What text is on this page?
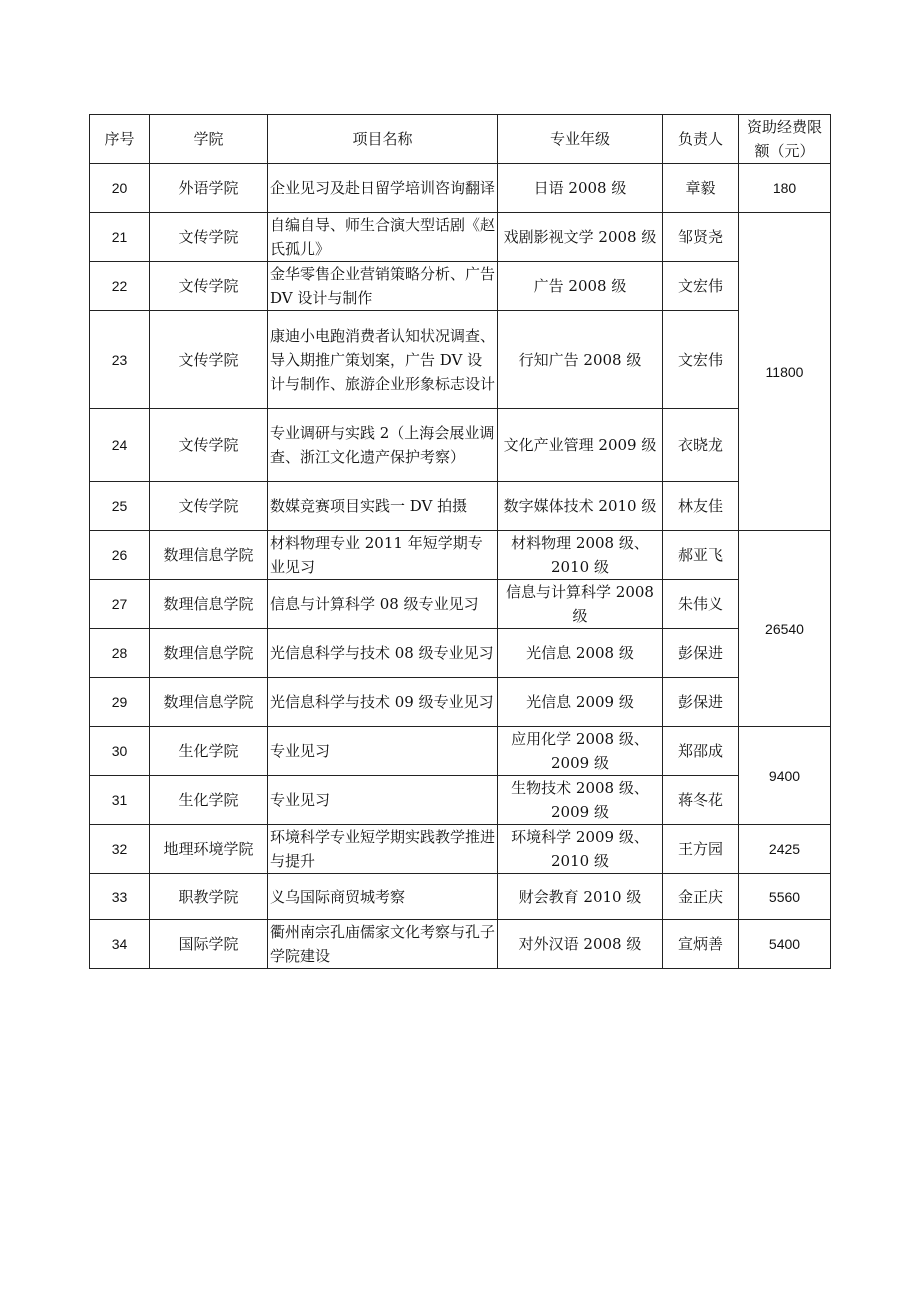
序号	学院	项目名称	专业年级	负责人	资助经费限额（元）
20	外语学院	企业见习及赴日留学培训咨询翻译	日语 2008 级	章毅	180
21	文传学院	自编自导、师生合演大型话剧《赵氏孤儿》	戏剧影视文学 2008 级	邹贤尧	11800
22	文传学院	金华零售企业营销策略分析、广告 DV 设计与制作	广告 2008 级	文宏伟	
23	文传学院	康迪小电跑消费者认知状况调查、导入期推广策划案，广告 DV 设计与制作、旅游企业形象标志设计	行知广告 2008 级	文宏伟	
24	文传学院	专业调研与实践 2（上海会展业调查、浙江文化遗产保护考察）	文化产业管理 2009 级	衣晓龙	
25	文传学院	数媒竞赛项目实践一 DV 拍摄	数字媒体技术 2010 级	林友佳	
26	数理信息学院	材料物理专业 2011 年短学期专业见习	材料物理 2008 级、2010 级	郝亚飞	26540
27	数理信息学院	信息与计算科学 08 级专业见习	信息与计算科学 2008 级	朱伟义	
28	数理信息学院	光信息科学与技术 08 级专业见习	光信息 2008 级	彭保进	
29	数理信息学院	光信息科学与技术 09 级专业见习	光信息 2009 级	彭保进	
30	生化学院	专业见习	应用化学 2008 级、2009 级	郑邵成	9400
31	生化学院	专业见习	生物技术 2008 级、2009 级	蒋冬花	
32	地理环境学院	环境科学专业短学期实践教学推进与提升	环境科学 2009 级、2010 级	王方园	2425
33	职教学院	义乌国际商贸城考察	财会教育 2010 级	金正庆	5560
34	国际学院	衢州南宗孔庙儒家文化考察与孔子学院建设	对外汉语 2008 级	宣炳善	5400
